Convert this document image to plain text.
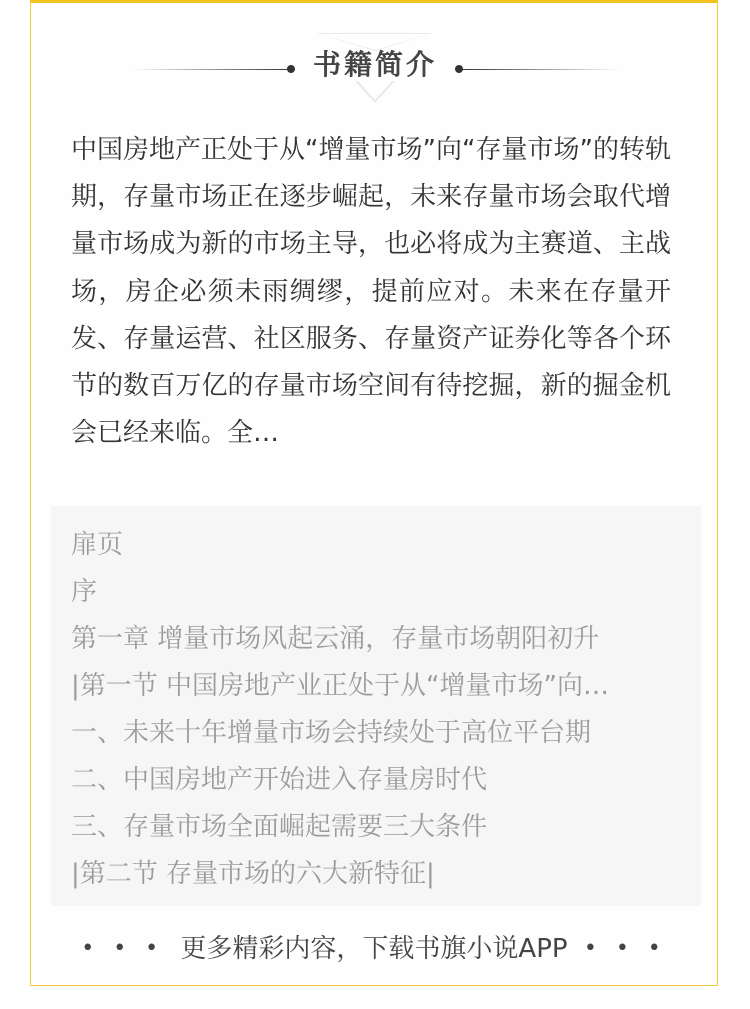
书籍简介
中国房地产正处于从“增量市场”向“存量市场”的转轨期，存量市场正在逐步崛起，未来存量市场会取代增量市场成为新的市场主导，也必将成为主赛道、主战场，房企必须未雨绸缪，提前应对。未来在存量开发、存量运营、社区服务、存量资产证券化等各个环节的数百万亿的存量市场空间有待挖掘，新的掘金机会已经来临。全…
扉页
序
第一章 增量市场风起云涌，存量市场朝阳初升
|第一节 中国房地产业正处于从“增量市场”向…
一、未来十年增量市场会持续处于高位平台期
二、中国房地产开始进入存量房时代
三、存量市场全面崛起需要三大条件
|第二节 存量市场的六大新特征|
• • • 更多精彩内容，下载书旗小说APP • • •
